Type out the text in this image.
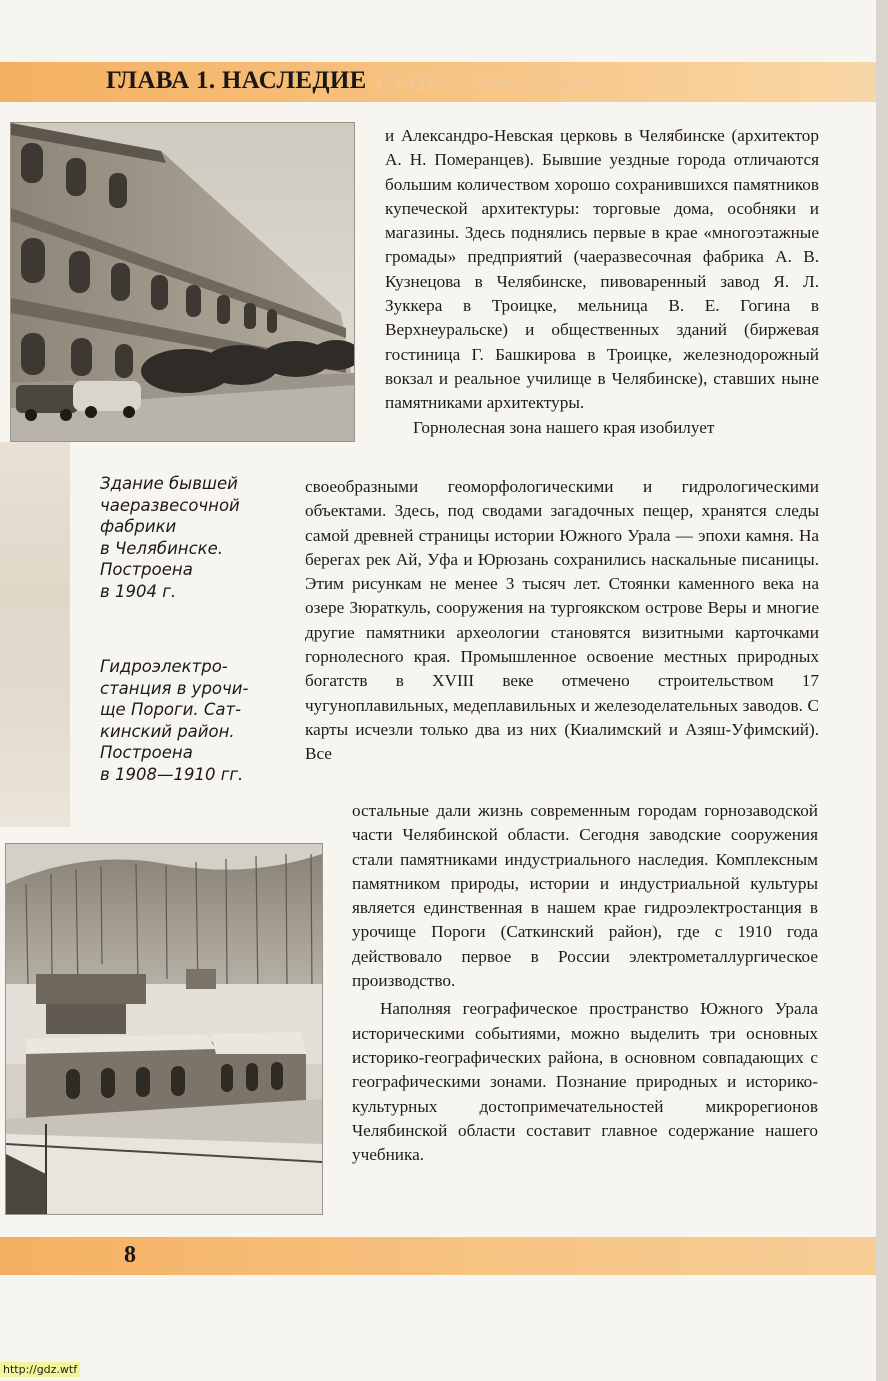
ГЛАВА 1. НАСЛЕДИЕ ГЛАВА 1. НАСЛЕДИЕ
Здание бывшей
чаеразвесочной
фабрики
в Челябинске.
Построена
в 1904 г.
Гидроэлектро-
станция в урочи-
ще Пороги. Сат-
кинский район.
Построена
в 1908—1910 гг.

и Александро-Невская церковь в Челябинске (архитектор А. Н. Померанцев). Бывшие уездные города отличаются большим количеством хорошо сохранившихся памятников купеческой архитектуры: торговые дома, особняки и магазины. Здесь поднялись первые в крае «многоэтажные громады» предприятий (чаеразвесочная фабрика А. В. Кузнецова в Челябинске, пивоваренный завод Я. Л. Зуккера в Троицке, мельница В. Е. Гогина в Верхнеуральске) и общественных зданий (биржевая гостиница Г. Башкирова в Троицке, железнодорожный вокзал и реальное училище в Челябинске), ставших ныне памятниками архитектуры.

Горнолесная зона нашего края изобилует

своеобразными геоморфологическими и гидрологическими объектами. Здесь, под сводами загадочных пещер, хранятся следы самой древней страницы истории Южного Урала — эпохи камня. На берегах рек Ай, Уфа и Юрюзань сохранились наскальные писаницы. Этим рисункам не менее 3 тысяч лет. Стоянки каменного века на озере Зюраткуль, сооружения на тургоякском острове Веры и многие другие памятники археологии становятся визитными карточками горнолесного края. Промышленное освоение местных природных богатств в XVIII веке отмечено строительством 17 чугуноплавильных, медеплавильных и железоделательных заводов. С карты исчезли только два из них (Киалимский и Азяш-Уфимский). Все

остальные дали жизнь современным городам горнозаводской части Челябинской области. Сегодня заводские сооружения стали памятниками индустриального наследия. Комплексным памятником природы, истории и индустриальной культуры является единственная в нашем крае гидроэлектростанция в урочище Пороги (Саткинский район), где с 1910 года действовало первое в России электрометаллургическое производство.

Наполняя географическое пространство Южного Урала историческими событиями, можно выделить три основных историко-географических района, в основном совпадающих с географическими зонами. Познание природных и историко-культурных достопримечательностей микрорегионов Челябинской области составит главное содержание нашего учебника.

8
http://gdz.wtf
